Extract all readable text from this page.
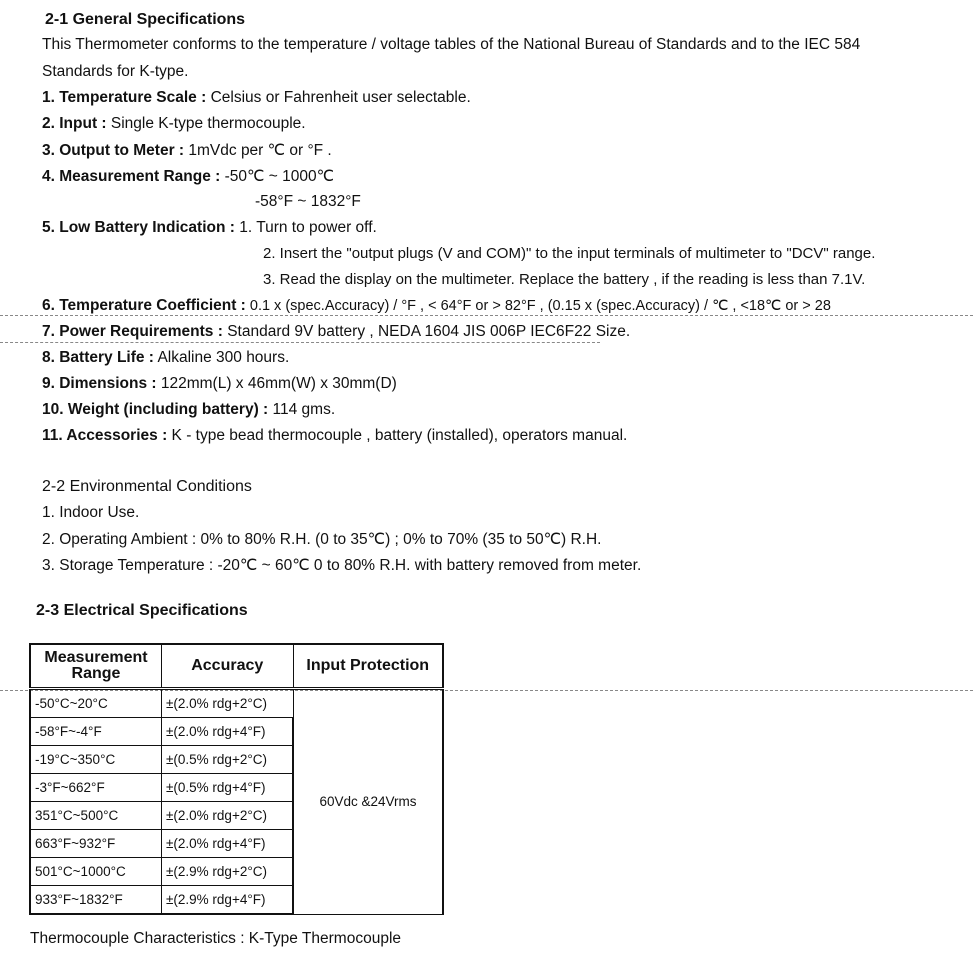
2-1 General Specifications
This Thermometer conforms to the temperature / voltage tables of the National Bureau of Standards and to the IEC 584
Standards for K-type.
1. Temperature Scale : Celsius or Fahrenheit user selectable.
2. Input : Single K-type thermocouple.
3. Output to Meter : 1mVdc per ℃ or °F .
4. Measurement Range : -50℃ ~ 1000℃
-58°F ~ 1832°F
5. Low Battery Indication : 1. Turn to power off.
2. Insert the "output plugs (V and COM)" to the input terminals of multimeter to "DCV" range.
3. Read the display on the multimeter. Replace the battery , if the reading is less than 7.1V.
6. Temperature Coefficient : 0.1 x (spec.Accuracy) / °F , < 64°F or > 82°F , (0.15 x (spec.Accuracy) / ℃ , <18℃ or > 28
7. Power Requirements : Standard 9V battery , NEDA 1604 JIS 006P IEC6F22 Size.
8. Battery Life : Alkaline 300 hours.
9. Dimensions : 122mm(L) x 46mm(W) x 30mm(D)
10. Weight (including battery) : 114 gms.
11. Accessories : K - type bead thermocouple , battery (installed), operators manual.
2-2 Environmental Conditions
1. Indoor Use.
2. Operating Ambient : 0% to 80% R.H. (0 to 35℃) ; 0% to 70% (35 to 50℃) R.H.
3. Storage Temperature : -20℃ ~ 60℃ 0 to 80% R.H. with battery removed from meter.
2-3 Electrical Specifications
Measurement Range	Accuracy	Input Protection
-50°C~20°C	±(2.0% rdg+2°C)	60Vdc &24Vrms
-58°F~-4°F	±(2.0% rdg+4°F)	
-19°C~350°C	±(0.5% rdg+2°C)	
-3°F~662°F	±(0.5% rdg+4°F)	
351°C~500°C	±(2.0% rdg+2°C)	
663°F~932°F	±(2.0% rdg+4°F)	
501°C~1000°C	±(2.9% rdg+2°C)	
933°F~1832°F	±(2.9% rdg+4°F)	
Thermocouple Characteristics : K-Type Thermocouple
